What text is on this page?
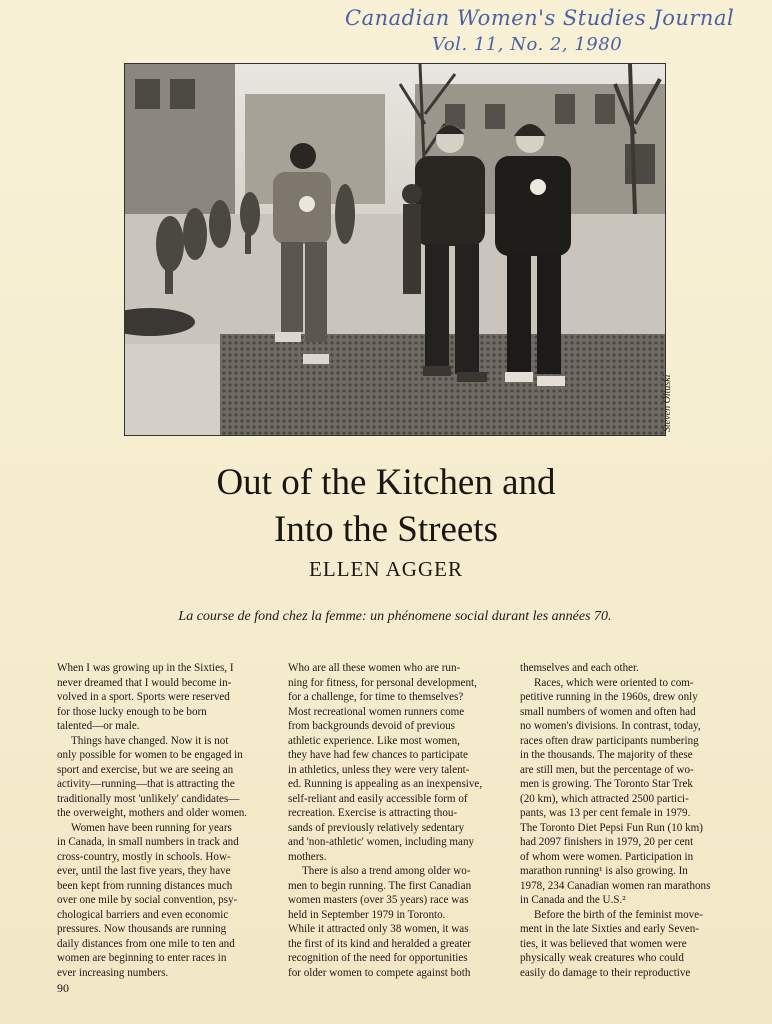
Canadian Women's Studies Journal
Vol. 11, No. 2, 1980
Steven Oltuski
Out of the Kitchen and
Into the Streets
ELLEN AGGER
La course de fond chez la femme: un phénomene social durant les années 70.
When I was growing up in the Sixties, I
never dreamed that I would become in-
volved in a sport. Sports were reserved
for those lucky enough to be born
talented—or male.
Things have changed. Now it is not
only possible for women to be engaged in
sport and exercise, but we are seeing an
activity—running—that is attracting the
traditionally most 'unlikely' candidates—
the overweight, mothers and older women.
Women have been running for years
in Canada, in small numbers in track and
cross-country, mostly in schools. How-
ever, until the last five years, they have
been kept from running distances much
over one mile by social convention, psy-
chological barriers and even economic
pressures. Now thousands are running
daily distances from one mile to ten and
women are beginning to enter races in
ever increasing numbers.
Who are all these women who are run-
ning for fitness, for personal development,
for a challenge, for time to themselves?
Most recreational women runners come
from backgrounds devoid of previous
athletic experience. Like most women,
they have had few chances to participate
in athletics, unless they were very talent-
ed. Running is appealing as an inexpensive,
self-reliant and easily accessible form of
recreation. Exercise is attracting thou-
sands of previously relatively sedentary
and 'non-athletic' women, including many
mothers.
There is also a trend among older wo-
men to begin running. The first Canadian
women masters (over 35 years) race was
held in September 1979 in Toronto.
While it attracted only 38 women, it was
the first of its kind and heralded a greater
recognition of the need for opportunities
for older women to compete against both
themselves and each other.
Races, which were oriented to com-
petitive running in the 1960s, drew only
small numbers of women and often had
no women's divisions. In contrast, today,
races often draw participants numbering
in the thousands. The majority of these
are still men, but the percentage of wo-
men is growing. The Toronto Star Trek
(20 km), which attracted 2500 partici-
pants, was 13 per cent female in 1979.
The Toronto Diet Pepsi Fun Run (10 km)
had 2097 finishers in 1979, 20 per cent
of whom were women. Participation in
marathon running¹ is also growing. In
1978, 234 Canadian women ran marathons
in Canada and the U.S.²
Before the birth of the feminist move-
ment in the late Sixties and early Seven-
ties, it was believed that women were
physically weak creatures who could
easily do damage to their reproductive
90
